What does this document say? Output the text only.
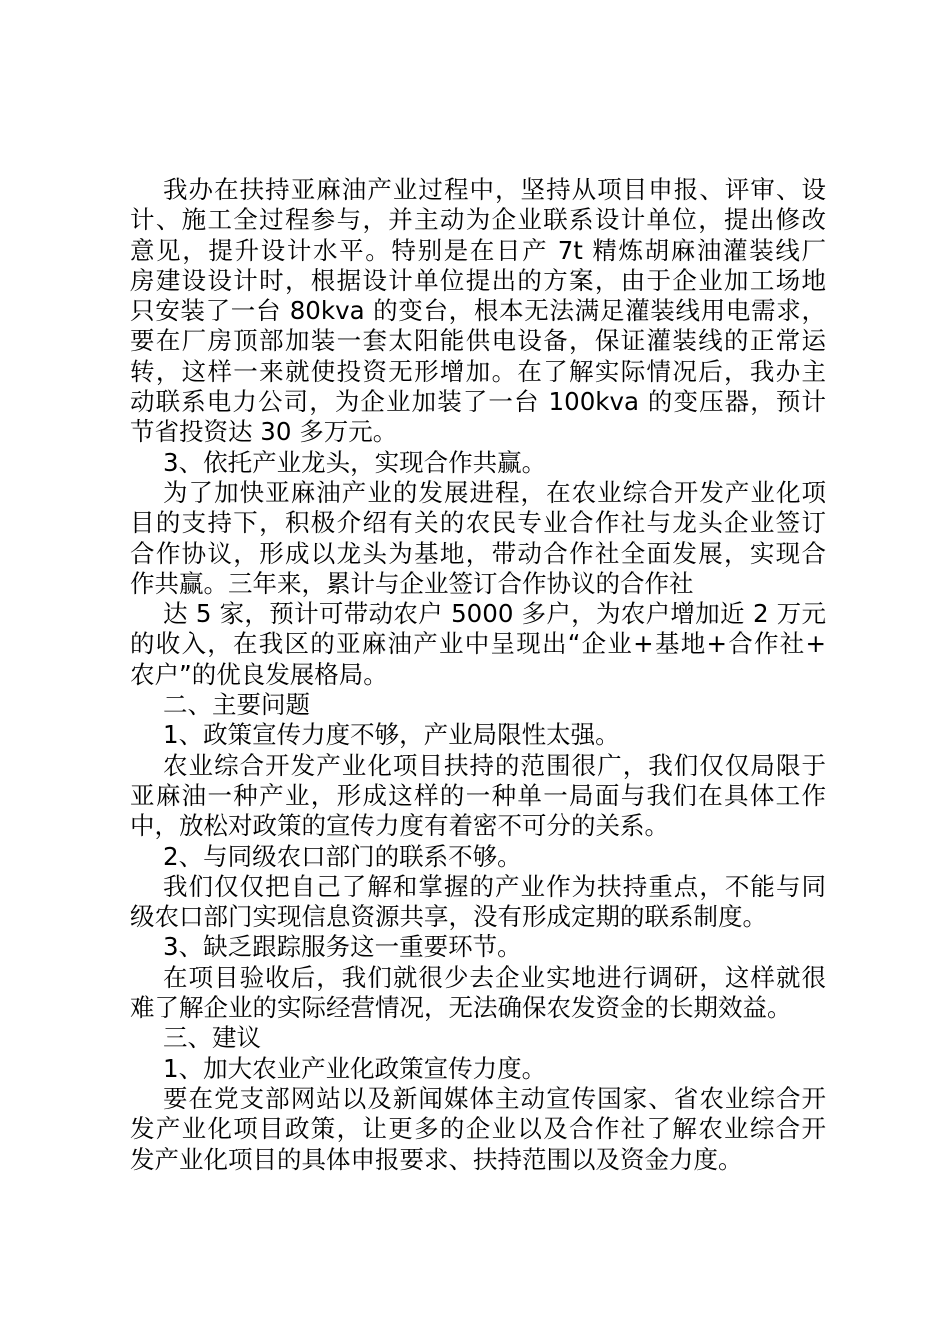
我办在扶持亚麻油产业过程中，坚持从项目申报、评审、设
计、施工全过程参与，并主动为企业联系设计单位，提出修改
意见，提升设计水平。特别是在日产 7t 精炼胡麻油灌装线厂
房建设设计时，根据设计单位提出的方案，由于企业加工场地
只安装了一台 80kva 的变台，根本无法满足灌装线用电需求，
要在厂房顶部加装一套太阳能供电设备，保证灌装线的正常运
转，这样一来就使投资无形增加。在了解实际情况后，我办主
动联系电力公司，为企业加装了一台 100kva 的变压器，预计
节省投资达 30 多万元。
3、依托产业龙头，实现合作共赢。
为了加快亚麻油产业的发展进程，在农业综合开发产业化项
目的支持下，积极介绍有关的农民专业合作社与龙头企业签订
合作协议，形成以龙头为基地，带动合作社全面发展，实现合
作共赢。三年来，累计与企业签订合作协议的合作社
达 5 家，预计可带动农户 5000 多户，为农户增加近 2 万元
的收入，在我区的亚麻油产业中呈现出“企业+基地+合作社+
农户”的优良发展格局。
二、主要问题
1、政策宣传力度不够，产业局限性太强。
农业综合开发产业化项目扶持的范围很广，我们仅仅局限于
亚麻油一种产业，形成这样的一种单一局面与我们在具体工作
中，放松对政策的宣传力度有着密不可分的关系。
2、与同级农口部门的联系不够。
我们仅仅把自己了解和掌握的产业作为扶持重点，不能与同
级农口部门实现信息资源共享，没有形成定期的联系制度。
3、缺乏跟踪服务这一重要环节。
在项目验收后，我们就很少去企业实地进行调研，这样就很
难了解企业的实际经营情况，无法确保农发资金的长期效益。
三、建议
1、加大农业产业化政策宣传力度。
要在党支部网站以及新闻媒体主动宣传国家、省农业综合开
发产业化项目政策，让更多的企业以及合作社了解农业综合开
发产业化项目的具体申报要求、扶持范围以及资金力度。
